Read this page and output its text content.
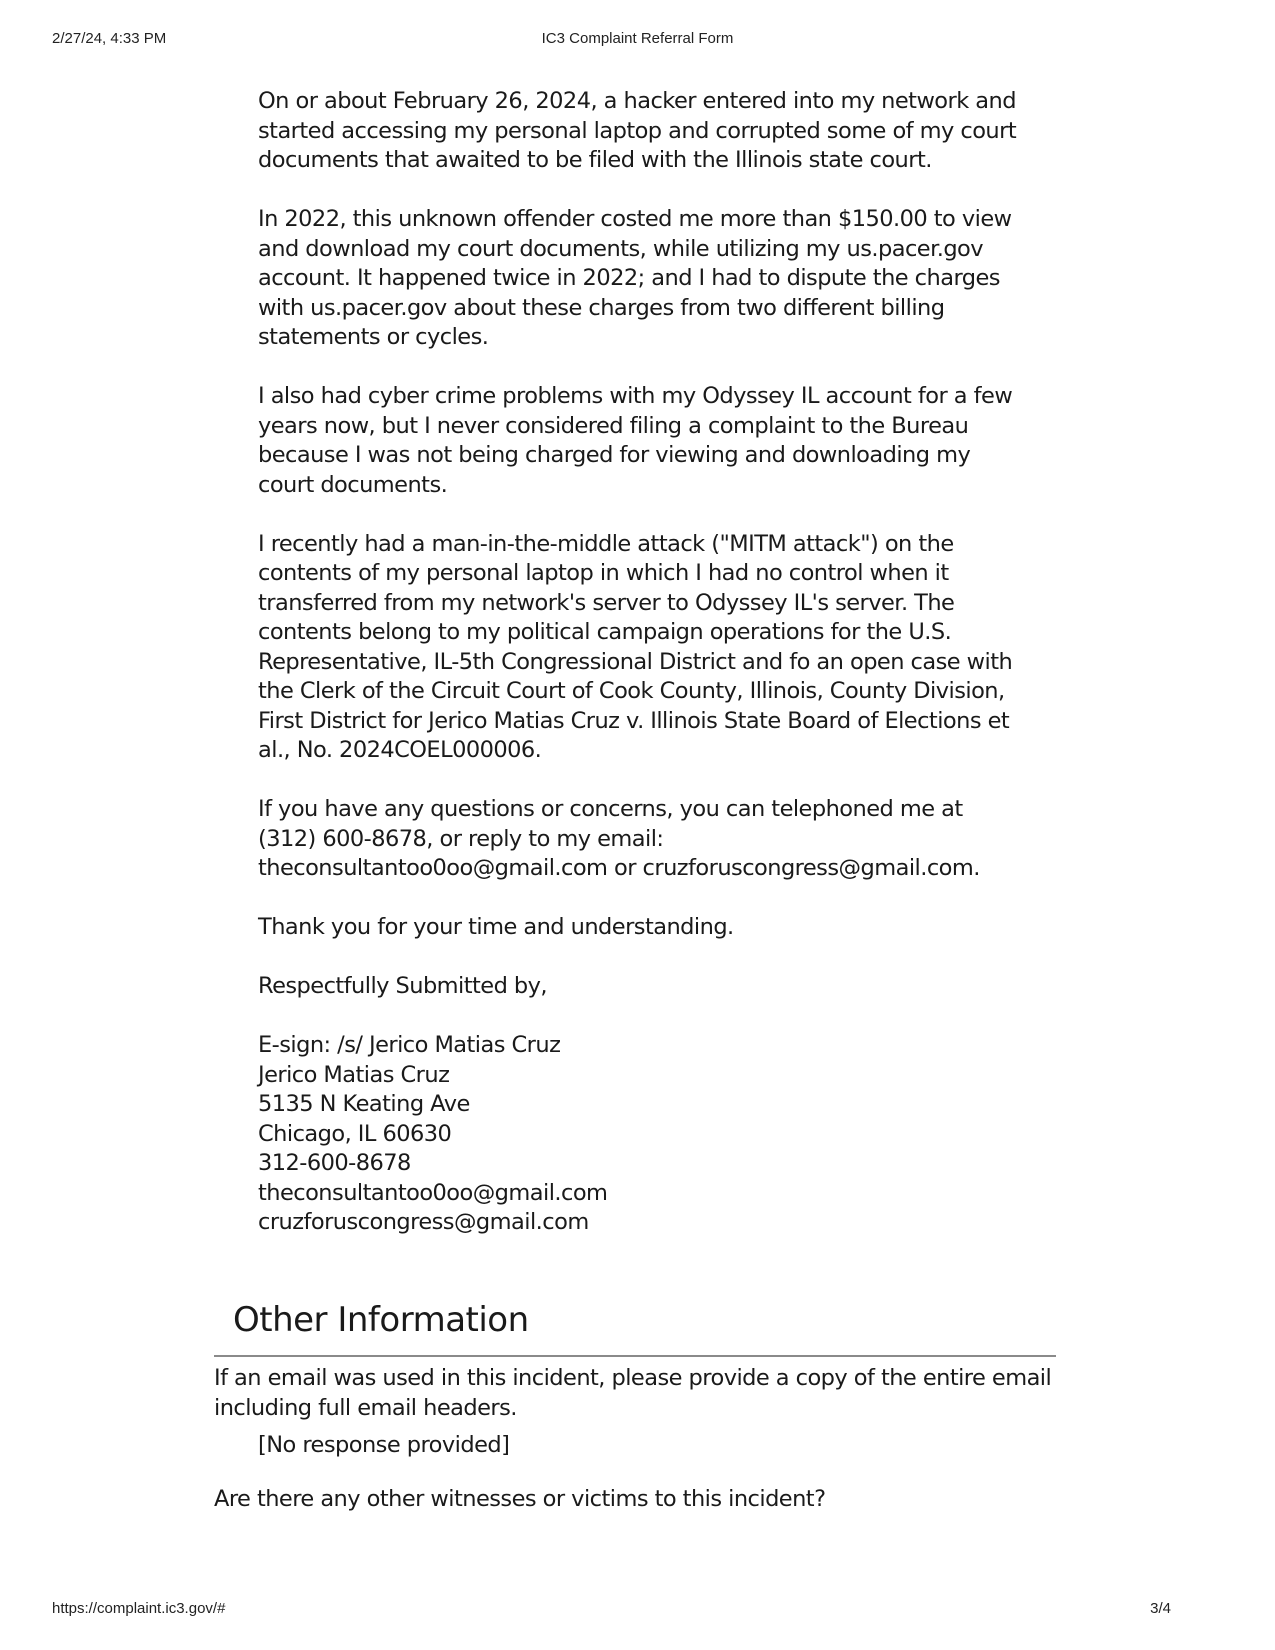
2/27/24, 4:33 PM	IC3 Complaint Referral Form

On or about February 26, 2024, a hacker entered into my network and started accessing my personal laptop and corrupted some of my court documents that awaited to be filed with the Illinois state court.

In 2022, this unknown offender costed me more than $150.00 to view and download my court documents, while utilizing my us.pacer.gov account. It happened twice in 2022; and I had to dispute the charges with us.pacer.gov about these charges from two different billing statements or cycles.

I also had cyber crime problems with my Odyssey IL account for a few years now, but I never considered filing a complaint to the Bureau because I was not being charged for viewing and downloading my court documents.

I recently had a man-in-the-middle attack ("MITM attack") on the contents of my personal laptop in which I had no control when it transferred from my network's server to Odyssey IL's server. The contents belong to my political campaign operations for the U.S. Representative, IL-5th Congressional District and fo an open case with the Clerk of the Circuit Court of Cook County, Illinois, County Division, First District for Jerico Matias Cruz v. Illinois State Board of Elections et al., No. 2024COEL000006.

If you have any questions or concerns, you can telephoned me at (312) 600-8678, or reply to my email: theconsultantoo0oo@gmail.com or cruzforuscongress@gmail.com.

Thank you for your time and understanding.

Respectfully Submitted by,

E-sign: /s/ Jerico Matias Cruz
Jerico Matias Cruz
5135 N Keating Ave
Chicago, IL 60630
312-600-8678
theconsultantoo0oo@gmail.com
cruzforuscongress@gmail.com
Other Information

If an email was used in this incident, please provide a copy of the entire email including full email headers.

[No response provided]

Are there any other witnesses or victims to this incident?

https://complaint.ic3.gov/#	3/4
